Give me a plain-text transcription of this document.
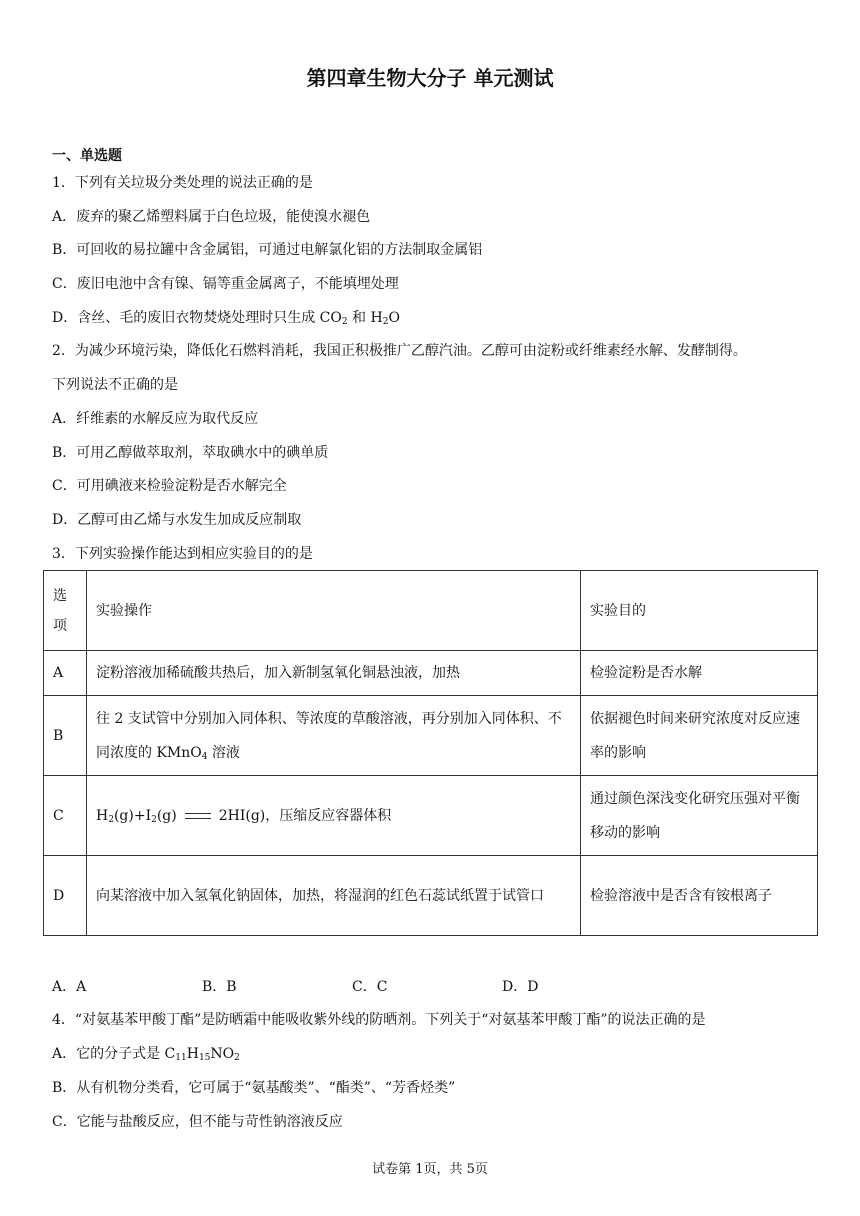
第四章生物大分子 单元测试
一、单选题
1．下列有关垃圾分类处理的说法正确的是
A．废弃的聚乙烯塑料属于白色垃圾，能使溴水褪色
B．可回收的易拉罐中含金属铝，可通过电解氯化铝的方法制取金属铝
C．废旧电池中含有镍、镉等重金属离子，不能填埋处理
D．含丝、毛的废旧衣物焚烧处理时只生成 $CO_2$ 和 $H_2O$
2．为减少环境污染，降低化石燃料消耗，我国正积极推广乙醇汽油。乙醇可由淀粉或纤维素经水解、发酵制得。
下列说法不正确的是
A．纤维素的水解反应为取代反应
B．可用乙醇做萃取剂，萃取碘水中的碘单质
C．可用碘液来检验淀粉是否水解完全
D．乙醇可由乙烯与水发生加成反应制取
3．下列实验操作能达到相应实验目的的是
选项	实验操作	实验目的
A	淀粉溶液加稀硫酸共热后，加入新制氢氧化铜悬浊液，加热	检验淀粉是否水解
B	往 2 支试管中分别加入同体积、等浓度的草酸溶液，再分别加入同体积、不同浓度的 KMnO$_4$ 溶液	依据褪色时间来研究浓度对反应速率的影响
C	$H_2(g)+I_2(g)$ 2HI(g)，压缩反应容器体积	通过颜色深浅变化研究压强对平衡移动的影响
D	向某溶液中加入氢氧化钠固体，加热，将湿润的红色石蕊试纸置于试管口	检验溶液中是否含有铵根离子
A．A	B．B	C．C	D．D
4．“对氨基苯甲酸丁酯”是防晒霜中能吸收紫外线的防晒剂。下列关于“对氨基苯甲酸丁酯”的说法正确的是
A．它的分子式是 $C_{11}H_{15}NO_2$
B．从有机物分类看，它可属于“氨基酸类”、“酯类”、“芳香烃类”
C．它能与盐酸反应，但不能与苛性钠溶液反应
试卷第 1页，共 5页
